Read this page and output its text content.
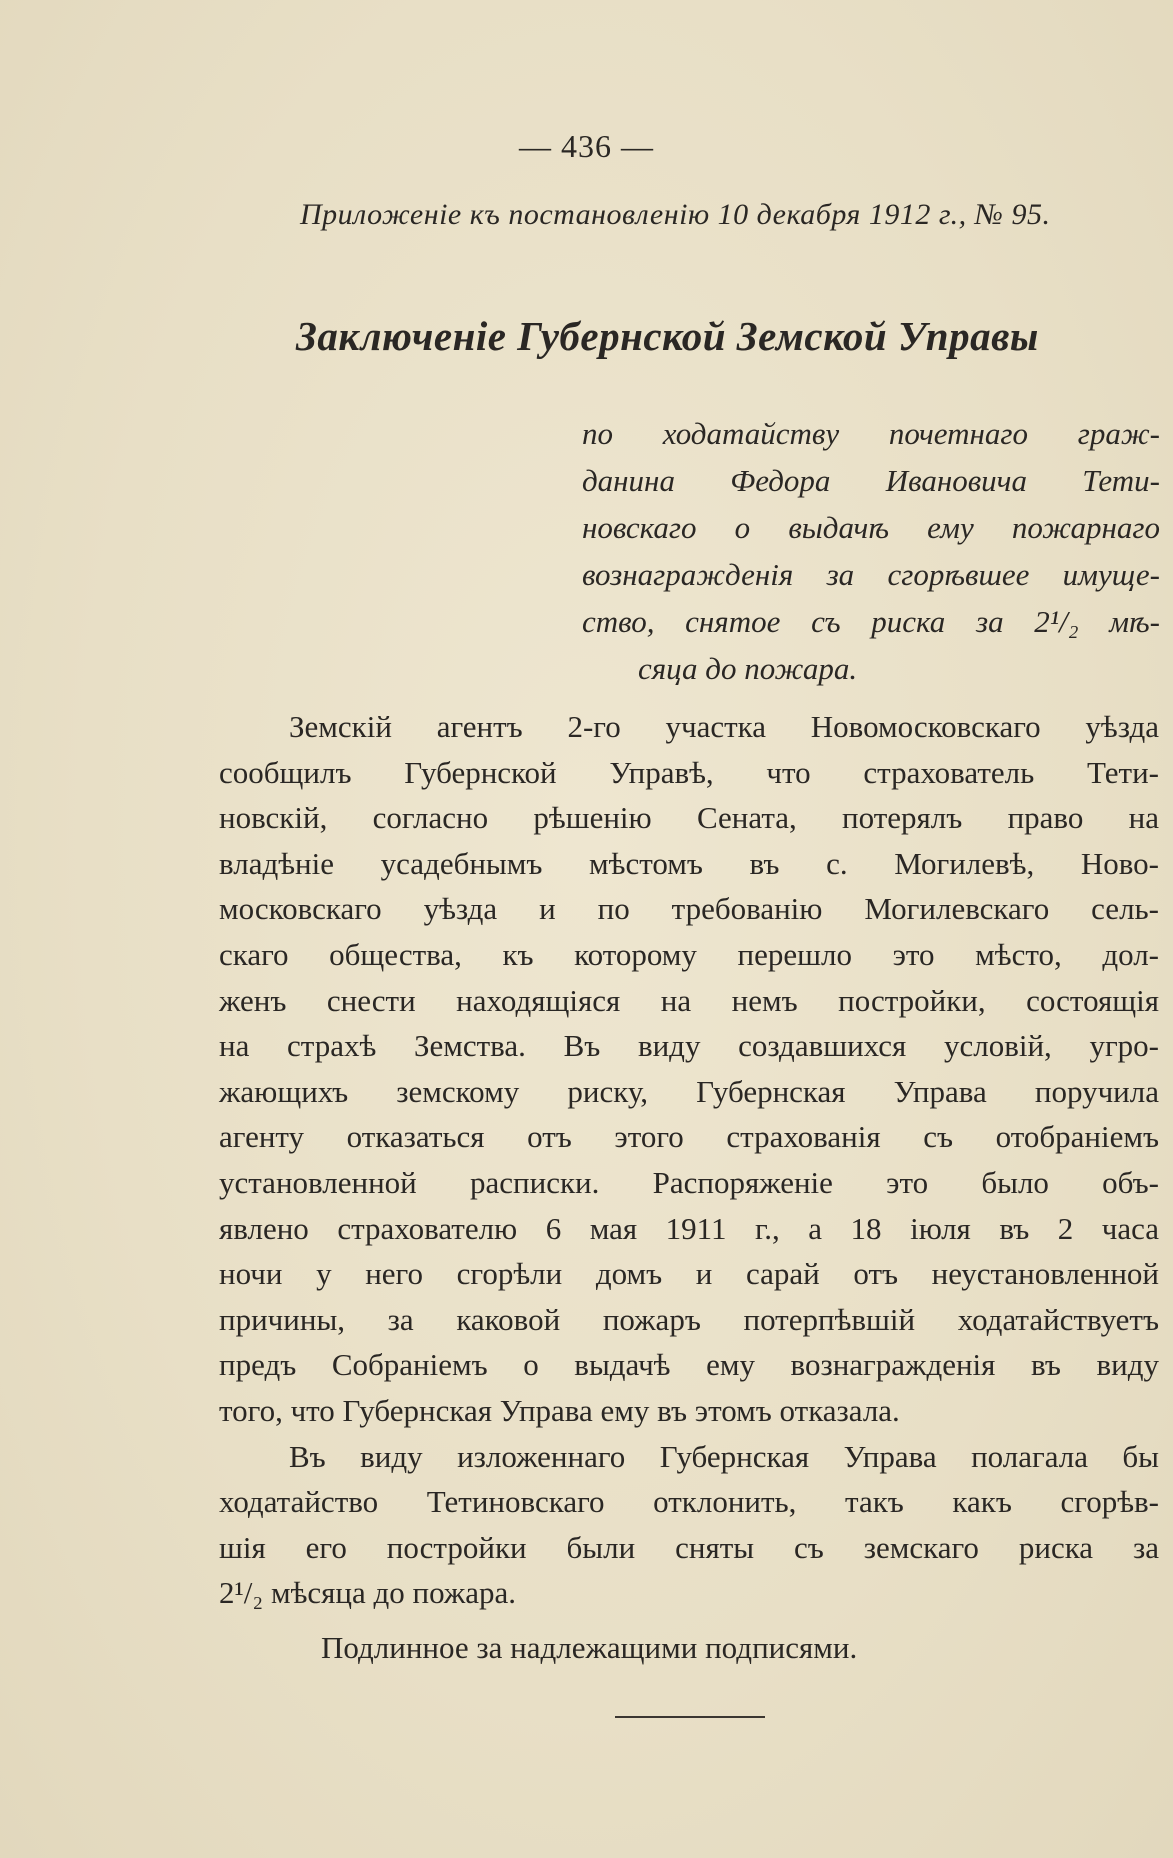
— 436 —
Приложеніе къ постановленію 10 декабря 1912 г., № 95.
Заключеніе Губернской Земской Управы
по ходатайству почетнаго граж-
данина Федора Ивановича Тети-
новскаго о выдачѣ ему пожарнаго
вознагражденія за сгорѣвшее имуще-
ство, снятое съ риска за 2¹/₂ мѣ-
сяца до пожара.
Земскій агентъ 2-го участка Новомосковскаго уѣзда
сообщилъ Губернской Управѣ, что страхователь Тети-
новскій, согласно рѣшенію Сената, потерялъ право на
владѣніе усадебнымъ мѣстомъ въ с. Могилевѣ, Ново-
московскаго уѣзда и по требованію Могилевскаго сель-
скаго общества, къ которому перешло это мѣсто, дол-
женъ снести находящіяся на немъ постройки, состоящія
на страхѣ Земства. Въ виду создавшихся условій, угро-
жающихъ земскому риску, Губернская Управа поручила
агенту отказаться отъ этого страхованія съ отобраніемъ
установленной расписки. Распоряженіе это было объ-
явлено страхователю 6 мая 1911 г., а 18 іюля въ 2 часа
ночи у него сгорѣли домъ и сарай отъ неустановленной
причины, за каковой пожаръ потерпѣвшій ходатайствуетъ
предъ Собраніемъ о выдачѣ ему вознагражденія въ виду
того, что Губернская Управа ему въ этомъ отказала.
Въ виду изложеннаго Губернская Управа полагала бы
ходатайство Тетиновскаго отклонить, такъ какъ сгорѣв-
шія его постройки были сняты съ земскаго риска за
2¹/₂ мѣсяца до пожара.
Подлинное за надлежащими подписями.
